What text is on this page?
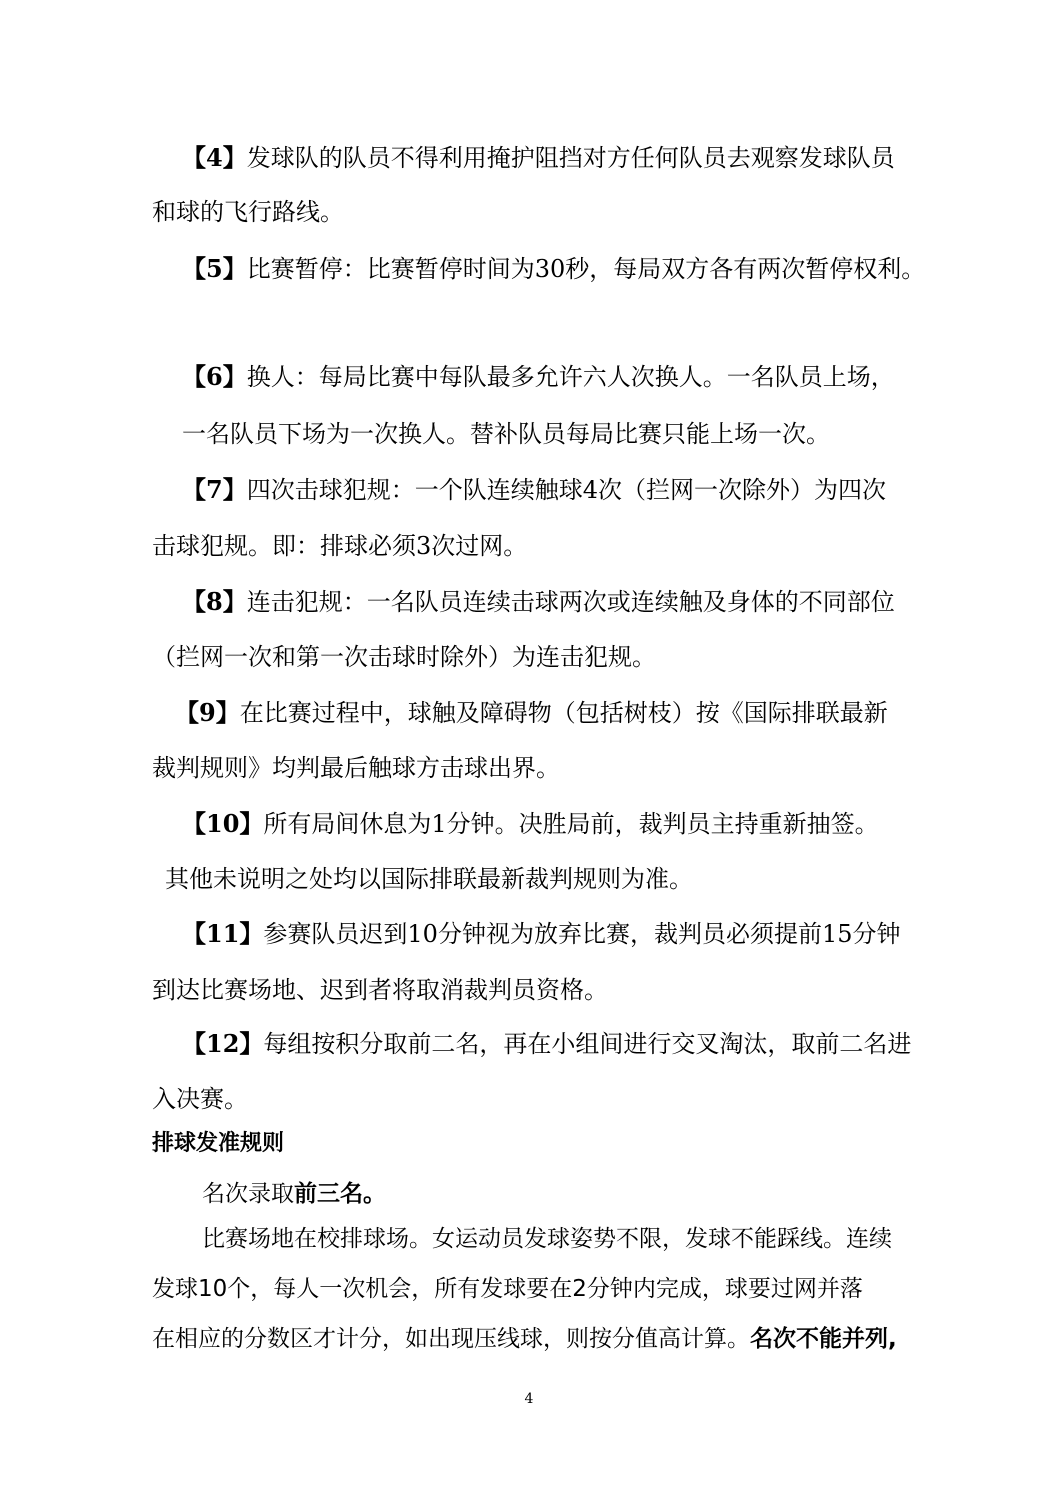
【4】发球队的队员不得利用掩护阻挡对方任何队员去观察发球队员

和球的飞行路线。

【5】比赛暂停：比赛暂停时间为30秒，每局双方各有两次暂停权利。

【6】换人：每局比赛中每队最多允许六人次换人。一名队员上场，

一名队员下场为一次换人。替补队员每局比赛只能上场一次。

【7】四次击球犯规：一个队连续触球4次（拦网一次除外）为四次

击球犯规。即：排球必须3次过网。

【8】连击犯规：一名队员连续击球两次或连续触及身体的不同部位

（拦网一次和第一次击球时除外）为连击犯规。

【9】在比赛过程中，球触及障碍物（包括树枝）按《国际排联最新

裁判规则》均判最后触球方击球出界。

【10】所有局间休息为1分钟。决胜局前，裁判员主持重新抽签。

其他未说明之处均以国际排联最新裁判规则为准。

【11】参赛队员迟到10分钟视为放弃比赛，裁判员必须提前15分钟

到达比赛场地、迟到者将取消裁判员资格。

【12】每组按积分取前二名，再在小组间进行交叉淘汰，取前二名进

入决赛。

排球发准规则

名次录取前三名。

比赛场地在校排球场。女运动员发球姿势不限，发球不能踩线。连续

发球10个，每人一次机会，所有发球要在2分钟内完成，球要过网并落

在相应的分数区才计分，如出现压线球，则按分值高计算。名次不能并列,

4
